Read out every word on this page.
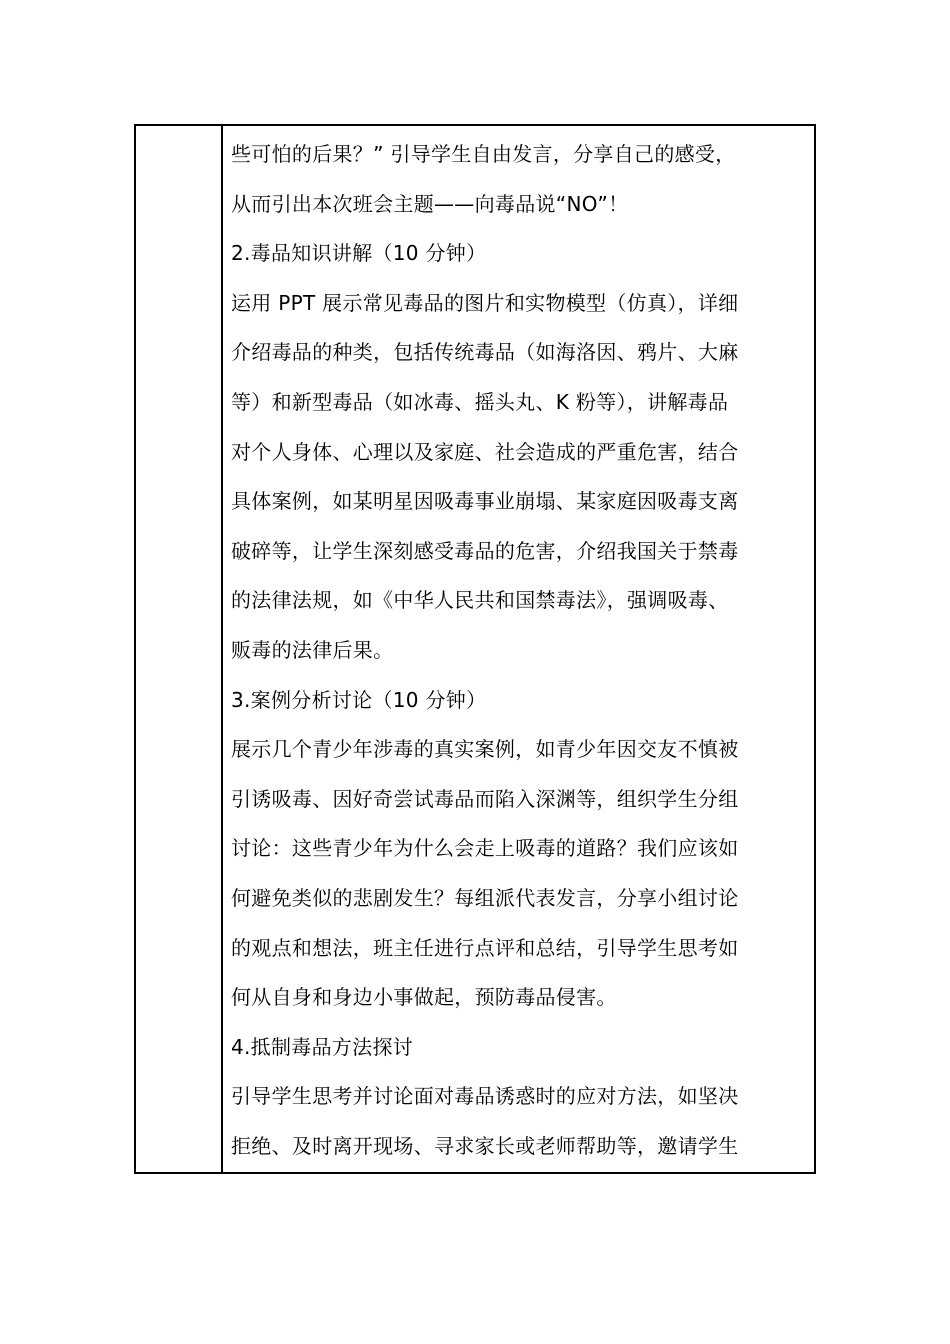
些可怕的后果？” 引导学生自由发言，分享自己的感受，
从而引出本次班会主题——向毒品说“NO”！
2.毒品知识讲解（10 分钟）
运用 PPT 展示常见毒品的图片和实物模型（仿真），详细
介绍毒品的种类，包括传统毒品（如海洛因、鸦片、大麻
等）和新型毒品（如冰毒、摇头丸、K 粉等），讲解毒品
对个人身体、心理以及家庭、社会造成的严重危害，结合
具体案例，如某明星因吸毒事业崩塌、某家庭因吸毒支离
破碎等，让学生深刻感受毒品的危害，介绍我国关于禁毒
的法律法规，如《中华人民共和国禁毒法》，强调吸毒、
贩毒的法律后果。
3.案例分析讨论（10 分钟）
展示几个青少年涉毒的真实案例，如青少年因交友不慎被
引诱吸毒、因好奇尝试毒品而陷入深渊等，组织学生分组
讨论：这些青少年为什么会走上吸毒的道路？我们应该如
何避免类似的悲剧发生？每组派代表发言，分享小组讨论
的观点和想法，班主任进行点评和总结，引导学生思考如
何从自身和身边小事做起，预防毒品侵害。
4.抵制毒品方法探讨
引导学生思考并讨论面对毒品诱惑时的应对方法，如坚决
拒绝、及时离开现场、寻求家长或老师帮助等，邀请学生
